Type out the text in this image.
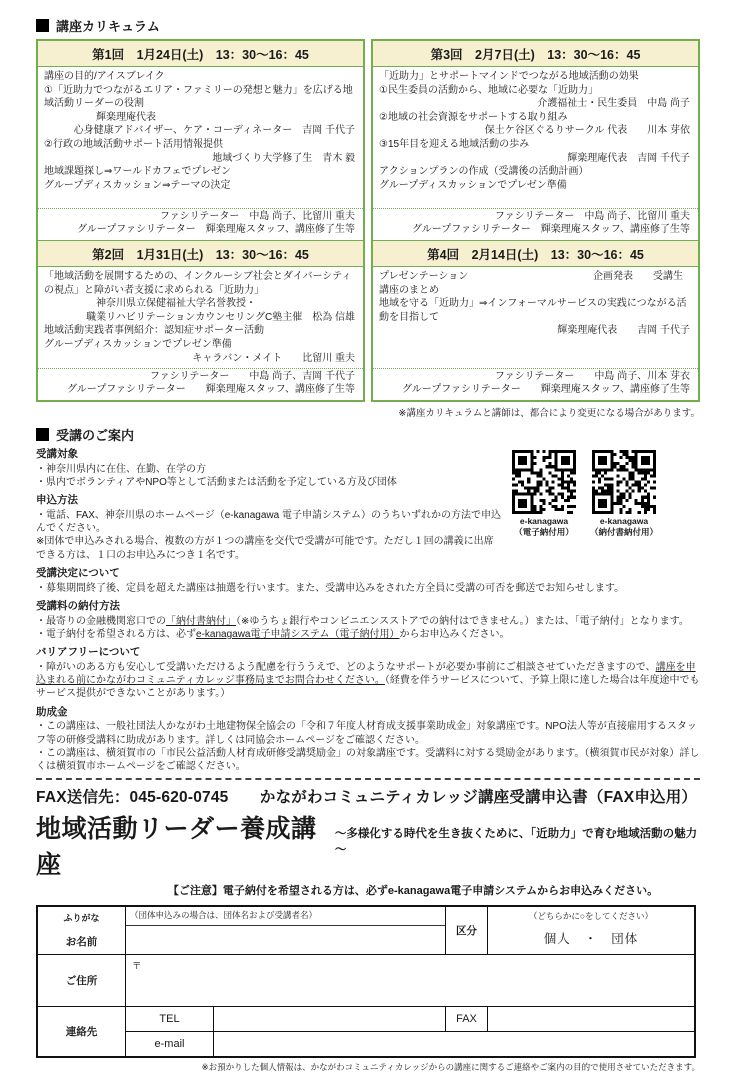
講座カリキュラム
第1回　1月24日(土)　13：30～16：45
講座の目的/アイスブレイク
①「近助力でつながるエリア・ファミリーの発想と魅力」を広げる地域活動リーダーの役割
輝楽理庵代表
心身健康アドバイザー、ケア・コーディネーター　吉岡 千代子
②行政の地域活動サポート活用情報提供
地域づくり大学修了生　青木 毅
地域課題探し⇒ワールドカフェでプレゼン
グループディスカッション⇒テーマの決定
ファシリテーター　中島 尚子、比留川 重夫
グループファシリテーター　輝楽理庵スタッフ、講座修了生等
第2回　1月31日(土)　13：30～16：45
「地域活動を展開するための、インクルーシブ社会とダイバーシティの視点」と障がい者支援に求められる「近助力」
神奈川県立保健福祉大学名誉教授・
職業リハビリテーションカウンセリングC塾主催　松為 信雄
地域活動実践者事例紹介：認知症サポーター活動
グループディスカッションでプレゼン準備
キャラバン・メイト　　比留川 重夫
ファシリテーター　　中島 尚子、吉岡 千代子
グループファシリテーター　　輝楽理庵スタッフ、講座修了生等
第3回　2月7日(土)　13：30～16：45
「近助力」とサポートマインドでつながる地域活動の効果
①民生委員の活動から、地域に必要な「近助力」
介護福祉士・民生委員　中島 尚子
②地域の社会資源をサポートする取り組み
保土ケ谷区ぐるりサークル 代表　　川本 芽依
③15年目を迎える地域活動の歩み
輝楽理庵代表　吉岡 千代子
アクションプランの作成（受講後の活動計画）
グループディスカッションでプレゼン準備
ファシリテーター　中島 尚子、比留川 重夫
グループファシリテーター　輝楽理庵スタッフ、講座修了生等
第4回　2月14日(土)　13：30～16：45
プレゼンテーション	企画発表　　受講生
講座のまとめ
地域を守る「近助力」⇒インフォーマルサービスの実践につながる活動を目指して
輝楽理庵代表　　吉岡 千代子
ファシリテーター　　中島 尚子、川本 芽衣
グループファシリテーター　　輝楽理庵スタッフ、講座修了生等
※講座カリキュラムと講師は、都合により変更になる場合があります。
受講のご案内
e-kanagawa
（電子納付用）
e-kanagawa
（納付書納付用）
受講対象
・神奈川県内に在住、在勤、在学の方
・県内でボランティアやNPO等として活動または活動を予定している方及び団体
申込方法
・電話、FAX、神奈川県のホームページ（e-kanagawa 電子申請システム）のうちいずれかの方法で申込んでください。
※団体で申込みされる場合、複数の方が１つの講座を交代で受講が可能です。ただし１回の講義に出席できる方は、１口のお申込みにつき１名です。
受講決定について
・募集期間終了後、定員を超えた講座は抽選を行います。また、受講申込みをされた方全員に受講の可否を郵送でお知らせします。
受講料の納付方法
・最寄りの金融機関窓口での「納付書納付」（※ゆうちょ銀行やコンビニエンスストアでの納付はできません。）または、「電子納付」となります。
・電子納付を希望される方は、必ずe-kanagawa電子申請システム（電子納付用）からお申込みください。
バリアフリーについて
・障がいのある方も安心して受講いただけるよう配慮を行ううえで、どのようなサポートが必要か事前にご相談させていただきますので、講座を申込まれる前にかながわコミュニティカレッジ事務局までお問合わせください。（経費を伴うサービスについて、予算上限に達した場合は年度途中でもサービス提供ができないことがあります。）
助成金
・この講座は、一般社団法人かながわ土地建物保全協会の「令和７年度人材育成支援事業助成金」対象講座です。NPO法人等が直接雇用するスタッフ等の研修受講料に助成があります。詳しくは同協会ホームページをご確認ください。
・この講座は、横須賀市の「市民公益活動人材育成研修受講奨励金」の対象講座です。受講料に対する奨励金があります。（横須賀市民が対象）詳しくは横須賀市ホームページをご確認ください。
FAX送信先：045-620-0745　　かながわコミュニティカレッジ講座受講申込書（FAX申込用）
地域活動リーダー養成講座
～多様化する時代を生き抜くために、「近助力」で育む地域活動の魅力～
【ご注意】電子納付を希望される方は、必ずe-kanagawa電子申請システムからお申込みください。
ふりがな
お名前
（団体申込みの場合は、団体名および受講者名）
区分
（どちらかに○をしてください）
個人　・　団体
ご住所
〒
連絡先
TEL	FAX
e-mail
※お預かりした個人情報は、かながわコミュニティカレッジからの講座に関するご連絡やご案内の目的で使用させていただきます。
